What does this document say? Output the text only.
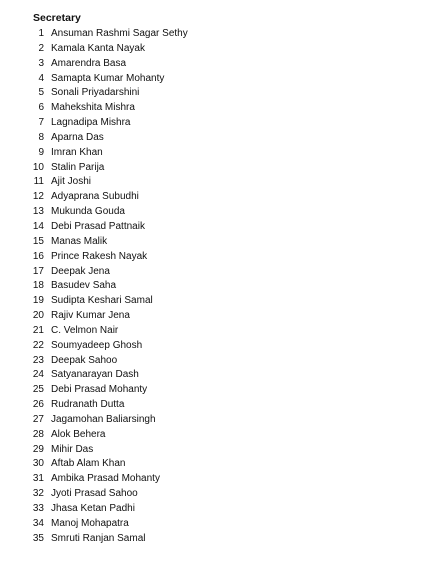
Secretary
1 Ansuman Rashmi Sagar Sethy
2 Kamala Kanta Nayak
3 Amarendra Basa
4 Samapta Kumar Mohanty
5 Sonali Priyadarshini
6 Mahekshita Mishra
7 Lagnadipa Mishra
8 Aparna Das
9 Imran Khan
10 Stalin Parija
11 Ajit Joshi
12 Adyaprana Subudhi
13 Mukunda Gouda
14 Debi Prasad Pattnaik
15 Manas Malik
16 Prince Rakesh Nayak
17 Deepak Jena
18 Basudev Saha
19 Sudipta Keshari Samal
20 Rajiv Kumar Jena
21 C. Velmon Nair
22 Soumyadeep Ghosh
23 Deepak Sahoo
24 Satyanarayan Dash
25 Debi Prasad Mohanty
26 Rudranath Dutta
27 Jagamohan Baliarsingh
28 Alok Behera
29 Mihir Das
30 Aftab Alam Khan
31 Ambika Prasad Mohanty
32 Jyoti Prasad Sahoo
33 Jhasa Ketan Padhi
34 Manoj Mohapatra
35 Smruti Ranjan Samal
